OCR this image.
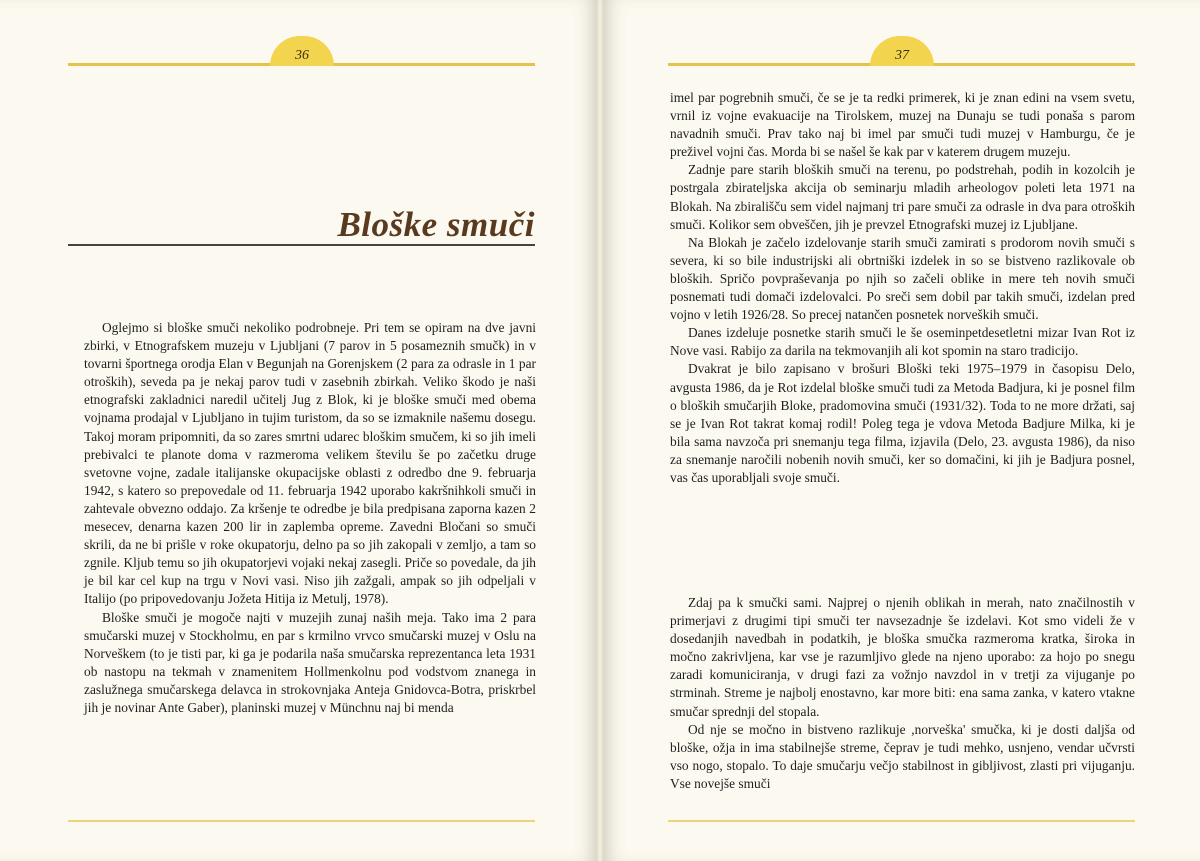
36
Bloške smuči

Oglejmo si bloške smuči nekoliko podrobneje. Pri tem se opiram na dve javni zbirki, v Etnografskem muzeju v Ljubljani (7 parov in 5 posameznih smučk) in v tovarni športnega orodja Elan v Begunjah na Gorenjskem (2 para za odrasle in 1 par otroških), seveda pa je nekaj parov tudi v zasebnih zbirkah. Veliko škodo je naši etnografski zakladnici naredil učitelj Jug z Blok, ki je bloške smuči med obema vojnama prodajal v Ljubljano in tujim turistom, da so se izmaknile našemu dosegu. Takoj moram pripomniti, da so zares smrtni udarec bloškim smučem, ki so jih imeli prebivalci te planote doma v razmeroma velikem številu še po začetku druge svetovne vojne, zadale italijanske okupacijske oblasti z odredbo dne 9. februarja 1942, s katero so prepovedale od 11. februarja 1942 uporabo kakršnihkoli smuči in zahtevale obvezno oddajo. Za kršenje te odredbe je bila predpisana zaporna kazen 2 mesecev, denarna kazen 200 lir in zaplemba opreme. Zavedni Bločani so smuči skrili, da ne bi prišle v roke okupatorju, delno pa so jih zakopali v zemljo, a tam so zgnile. Kljub temu so jih okupatorjevi vojaki nekaj zasegli. Priče so povedale, da jih je bil kar cel kup na trgu v Novi vasi. Niso jih zažgali, ampak so jih odpeljali v Italijo (po pripovedovanju Jožeta Hitija iz Metulj, 1978).

Bloške smuči je mogoče najti v muzejih zunaj naših meja. Tako ima 2 para smučarski muzej v Stockholmu, en par s krmilno vrvco smučarski muzej v Oslu na Norveškem (to je tisti par, ki ga je podarila naša smučarska reprezentanca leta 1931 ob nastopu na tekmah v znamenitem Hollmenkolnu pod vodstvom znanega in zaslužnega smučarskega delavca in strokovnjaka Anteja Gnidovca-Botra, priskrbel jih je novinar Ante Gaber), planinski muzej v Münchnu naj bi menda

37

imel par pogrebnih smuči, če se je ta redki primerek, ki je znan edini na vsem svetu, vrnil iz vojne evakuacije na Tirolskem, muzej na Dunaju se tudi ponaša s parom navadnih smuči. Prav tako naj bi imel par smuči tudi muzej v Hamburgu, če je preživel vojni čas. Morda bi se našel še kak par v katerem drugem muzeju.

Zadnje pare starih bloških smuči na terenu, po podstrehah, podih in kozolcih je postrgala zbirateljska akcija ob seminarju mladih arheologov poleti leta 1971 na Blokah. Na zbirališču sem videl najmanj tri pare smuči za odrasle in dva para otroških smuči. Kolikor sem obveščen, jih je prevzel Etnografski muzej iz Ljubljane.

Na Blokah je začelo izdelovanje starih smuči zamirati s prodorom novih smuči s severa, ki so bile industrijski ali obrtniški izdelek in so se bistveno razlikovale ob bloških. Spričo povpraševanja po njih so začeli oblike in mere teh novih smuči posnemati tudi domači izdelovalci. Po sreči sem dobil par takih smuči, izdelan pred vojno v letih 1926/28. So precej natančen posnetek norveških smuči.

Danes izdeluje posnetke starih smuči le še oseminpetdesetletni mizar Ivan Rot iz Nove vasi. Rabijo za darila na tekmovanjih ali kot spomin na staro tradicijo.

Dvakrat je bilo zapisano v brošuri Bloški teki 1975–1979 in časopisu Delo, avgusta 1986, da je Rot izdelal bloške smuči tudi za Metoda Badjura, ki je posnel film o bloških smučarjih Bloke, pradomovina smuči (1931/32). Toda to ne more držati, saj se je Ivan Rot takrat komaj rodil! Poleg tega je vdova Metoda Badjure Milka, ki je bila sama navzoča pri snemanju tega filma, izjavila (Delo, 23. avgusta 1986), da niso za snemanje naročili nobenih novih smuči, ker so domačini, ki jih je Badjura posnel, vas čas uporabljali svoje smuči.

Zdaj pa k smučki sami. Najprej o njenih oblikah in merah, nato značilnostih v primerjavi z drugimi tipi smuči ter navsezadnje še izdelavi. Kot smo videli že v dosedanjih navedbah in podatkih, je bloška smučka razmeroma kratka, široka in močno zakrivljena, kar vse je razumljivo glede na njeno uporabo: za hojo po snegu zaradi komuniciranja, v drugi fazi za vožnjo navzdol in v tretji za vijuganje po strminah. Streme je najbolj enostavno, kar more biti: ena sama zanka, v katero vtakne smučar sprednji del stopala.

Od nje se močno in bistveno razlikuje ,norveška' smučka, ki je dosti daljša od bloške, ožja in ima stabilnejše streme, čeprav je tudi mehko, usnjeno, vendar učvrsti vso nogo, stopalo. To daje smučarju večjo stabilnost in gibljivost, zlasti pri vijuganju. Vse novejše smuči
